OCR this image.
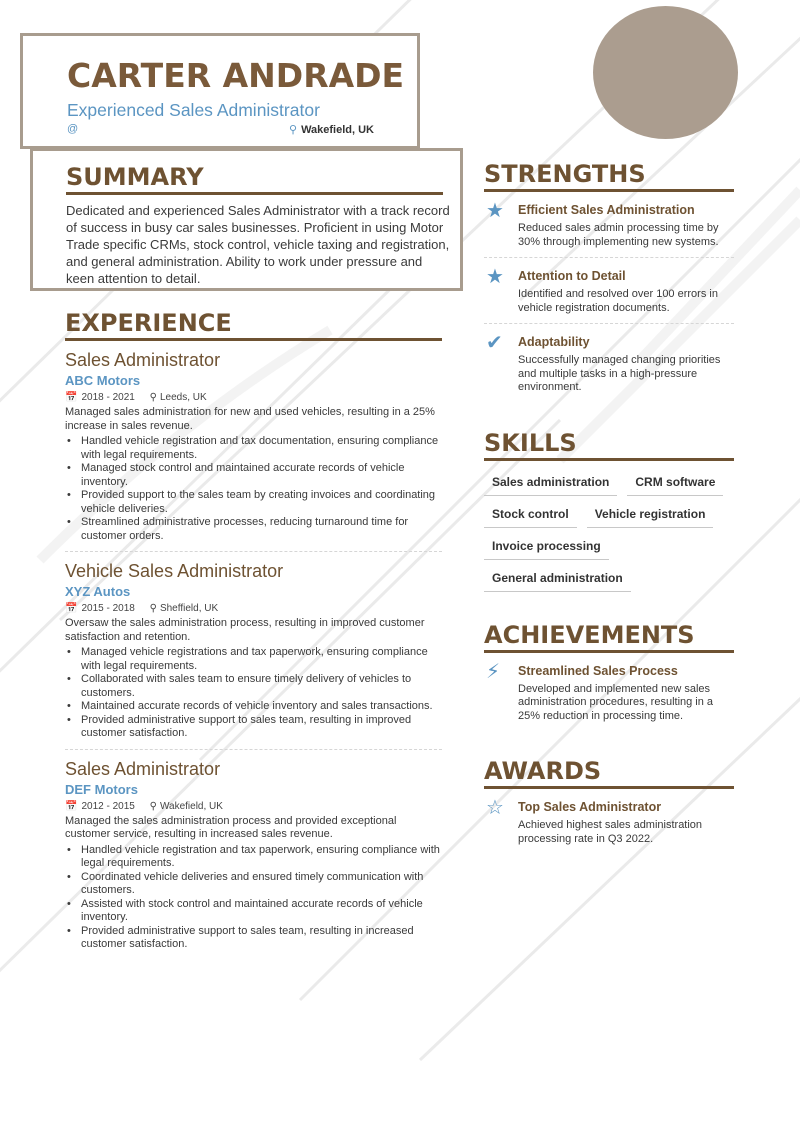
CARTER ANDRADE
Experienced Sales Administrator
@	⚲ Wakefield, UK
SUMMARY
Dedicated and experienced Sales Administrator with a track record of success in busy car sales businesses. Proficient in using Motor Trade specific CRMs, stock control, vehicle taxing and registration, and general administration. Ability to work under pressure and keen attention to detail.
EXPERIENCE
Sales Administrator
ABC Motors
📅 2018 - 2021 ⚲ Leeds, UK
Managed sales administration for new and used vehicles, resulting in a 25% increase in sales revenue.
• Handled vehicle registration and tax documentation, ensuring compliance with legal requirements.
• Managed stock control and maintained accurate records of vehicle inventory.
• Provided support to the sales team by creating invoices and coordinating vehicle deliveries.
• Streamlined administrative processes, reducing turnaround time for customer orders.
Vehicle Sales Administrator
XYZ Autos
📅 2015 - 2018 ⚲ Sheffield, UK
Oversaw the sales administration process, resulting in improved customer satisfaction and retention.
• Managed vehicle registrations and tax paperwork, ensuring compliance with legal requirements.
• Collaborated with sales team to ensure timely delivery of vehicles to customers.
• Maintained accurate records of vehicle inventory and sales transactions.
• Provided administrative support to sales team, resulting in improved customer satisfaction.
Sales Administrator
DEF Motors
📅 2012 - 2015 ⚲ Wakefield, UK
Managed the sales administration process and provided exceptional customer service, resulting in increased sales revenue.
• Handled vehicle registration and tax paperwork, ensuring compliance with legal requirements.
• Coordinated vehicle deliveries and ensured timely communication with customers.
• Assisted with stock control and maintained accurate records of vehicle inventory.
• Provided administrative support to sales team, resulting in increased customer satisfaction.
STRENGTHS
★	Efficient Sales Administration
Reduced sales admin processing time by 30% through implementing new systems.
★	Attention to Detail
Identified and resolved over 100 errors in vehicle registration documents.
✔	Adaptability
Successfully managed changing priorities and multiple tasks in a high-pressure environment.
SKILLS
Sales administration	CRM software
Stock control	Vehicle registration
Invoice processing
General administration
ACHIEVEMENTS
⚡︎	Streamlined Sales Process
Developed and implemented new sales administration procedures, resulting in a 25% reduction in processing time.
AWARDS
☆	Top Sales Administrator
Achieved highest sales administration processing rate in Q3 2022.
